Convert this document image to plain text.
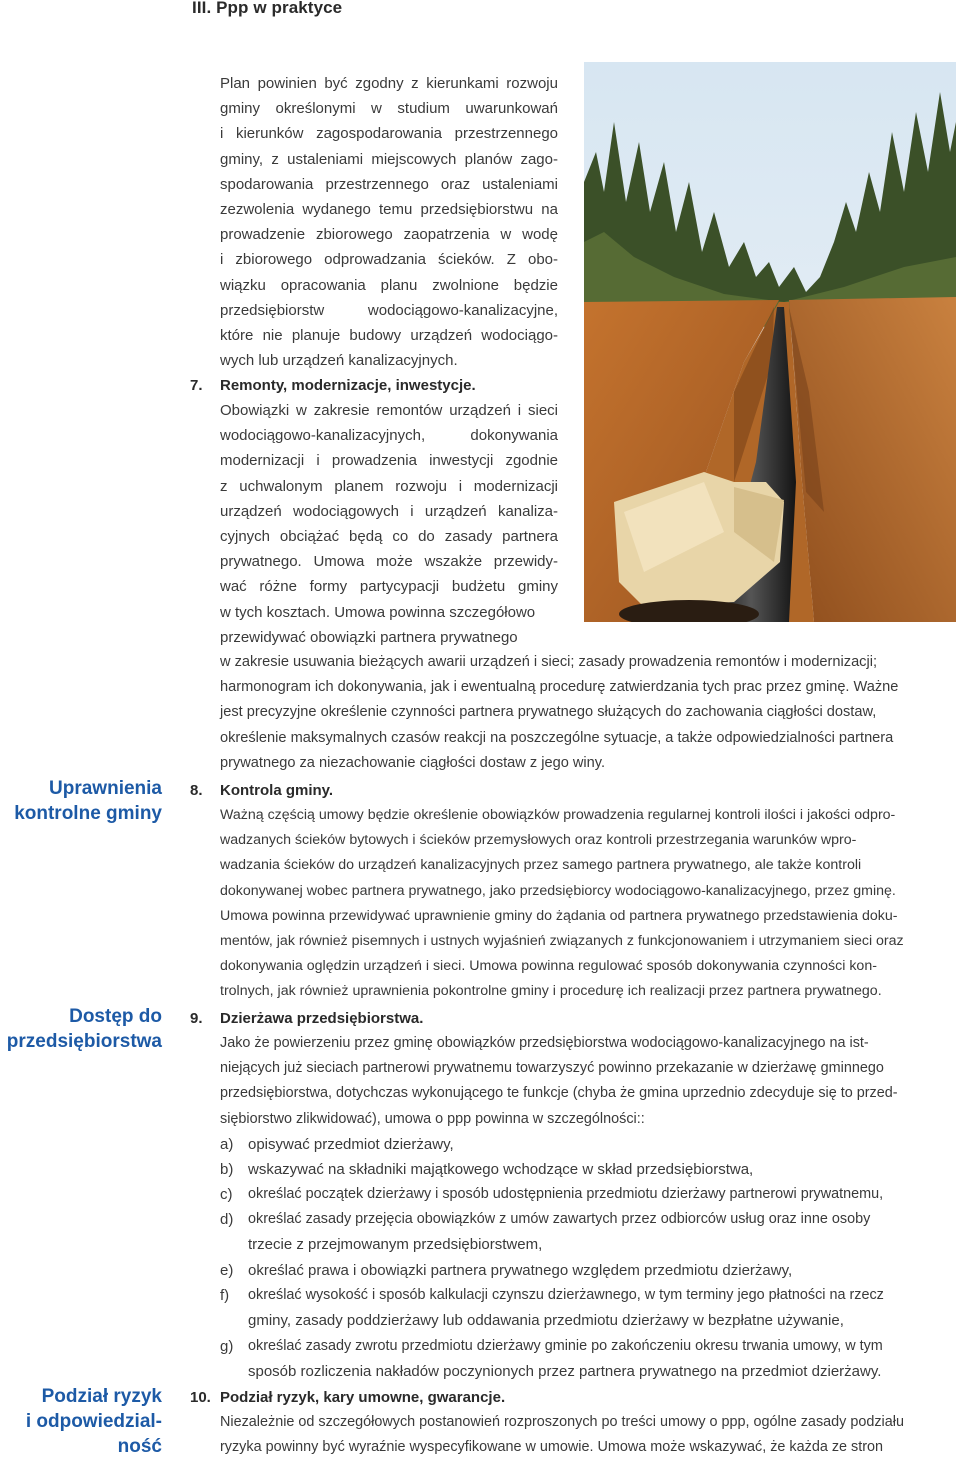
III. Ppp w praktyce
Uprawnienia
kontrolne gminy
Dostęp do
przedsiębiorstwa
Podział ryzyk
i odpowiedzial-
ność

Plan powinien być zgodny z kierunkami rozwoju
gminy określonymi w studium uwarunkowań
i kierunków zagospodarowania przestrzennego
gminy, z ustaleniami miejscowych planów zago-
spodarowania przestrzennego oraz ustaleniami
zezwolenia wydanego temu przedsiębiorstwu na
prowadzenie zbiorowego zaopatrzenia w wodę
i zbiorowego odprowadzania ścieków. Z obo-
wiązku opracowania planu zwolnione będzie
przedsiębiorstw wodociągowo-kanalizacyjne,
które nie planuje budowy urządzeń wodociągo-
wych lub urządzeń kanalizacyjnych.

7. Remonty, modernizacje, inwestycje.

Obowiązki w zakresie remontów urządzeń i sieci
wodociągowo-kanalizacyjnych, dokonywania
modernizacji i prowadzenia inwestycji zgodnie
z uchwalonym planem rozwoju i modernizacji
urządzeń wodociągowych i urządzeń kanaliza-
cyjnych obciążać będą co do zasady partnera
prywatnego. Umowa może wszakże przewidy-
wać różne formy partycypacji budżetu gminy
w tych kosztach. Umowa powinna szczegółowo
przewidywać obowiązki partnera prywatnego

w zakresie usuwania bieżących awarii urządzeń i sieci; zasady prowadzenia remontów i modernizacji;
harmonogram ich dokonywania, jak i ewentualną procedurę zatwierdzania tych prac przez gminę. Ważne
jest precyzyjne określenie czynności partnera prywatnego służących do zachowania ciągłości dostaw,
określenie maksymalnych czasów reakcji na poszczególne sytuacje, a także odpowiedzialności partnera
prywatnego za niezachowanie ciągłości dostaw z jego winy.

8. Kontrola gminy.

Ważną częścią umowy będzie określenie obowiązków prowadzenia regularnej kontroli ilości i jakości odpro-
wadzanych ścieków bytowych i ścieków przemysłowych oraz kontroli przestrzegania warunków wpro-
wadzania ścieków do urządzeń kanalizacyjnych przez samego partnera prywatnego, ale także kontroli
dokonywanej wobec partnera prywatnego, jako przedsiębiorcy wodociągowo-kanalizacyjnego, przez gminę.
Umowa powinna przewidywać uprawnienie gminy do żądania od partnera prywatnego przedstawienia doku-
mentów, jak również pisemnych i ustnych wyjaśnień związanych z funkcjonowaniem i utrzymaniem sieci oraz
dokonywania oględzin urządzeń i sieci. Umowa powinna regulować sposób dokonywania czynności kon-
trolnych, jak również uprawnienia pokontrolne gminy i procedurę ich realizacji przez partnera prywatnego.

9. Dzierżawa przedsiębiorstwa.

Jako że powierzeniu przez gminę obowiązków przedsiębiorstwa wodociągowo-kanalizacyjnego na ist-
niejących już sieciach partnerowi prywatnemu towarzyszyć powinno przekazanie w dzierżawę gminnego
przedsiębiorstwa, dotychczas wykonującego te funkcje (chyba że gmina uprzednio zdecyduje się to przed-
siębiorstwo zlikwidować), umowa o ppp powinna w szczególności::

a) opisywać przedmiot dzierżawy,
b) wskazywać na składniki majątkowego wchodzące w skład przedsiębiorstwa,
c)	określać początek dzierżawy i sposób udostępnienia przedmiotu dzierżawy partnerowi prywatnemu,
d)	określać zasady przejęcia obowiązków z umów zawartych przez odbiorców usług oraz inne osoby
trzecie z przejmowanym przedsiębiorstwem,
e) określać prawa i obowiązki partnera prywatnego względem przedmiotu dzierżawy,
f)	określać wysokość i sposób kalkulacji czynszu dzierżawnego, w tym terminy jego płatności na rzecz
gminy, zasady poddzierżawy lub oddawania przedmiotu dzierżawy w bezpłatne używanie,
g)	określać zasady zwrotu przedmiotu dzierżawy gminie po zakończeniu okresu trwania umowy, w tym
sposób rozliczenia nakładów poczynionych przez partnera prywatnego na przedmiot dzierżawy.
10. Podział ryzyk, kary umowne, gwarancje.

Niezależnie od szczegółowych postanowień rozproszonych po treści umowy o ppp, ogólne zasady podziału
ryzyka powinny być wyraźnie wyspecyfikowane w umowie. Umowa może wskazywać, że każda ze stron
